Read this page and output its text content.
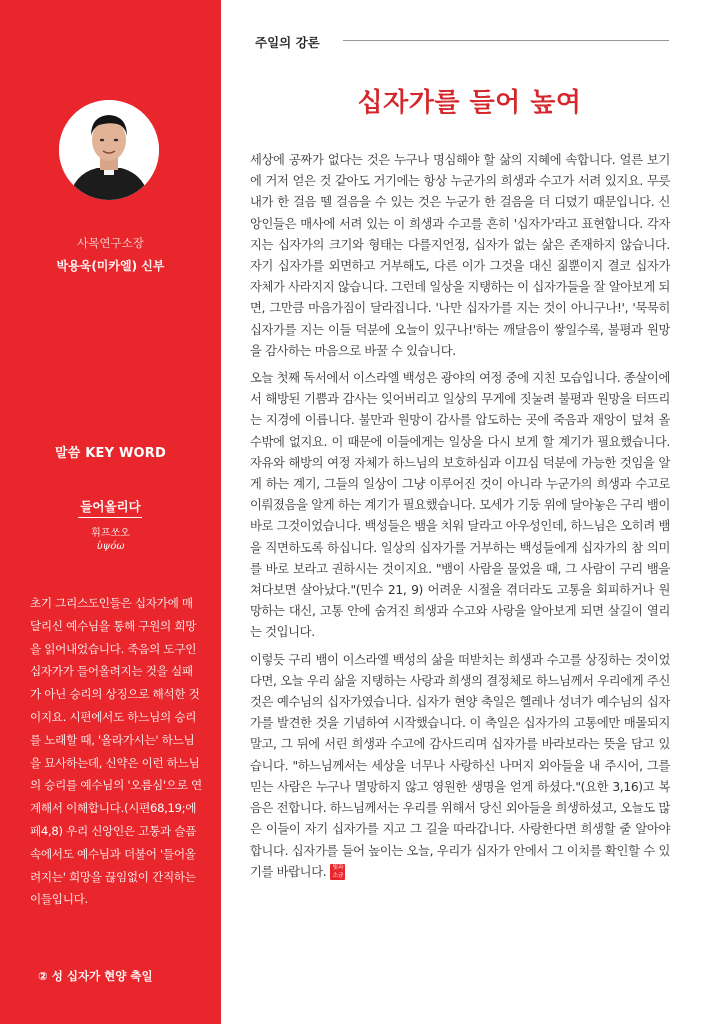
사목연구소장
박용욱(미카엘) 신부
말씀 KEY WORD
들어올리다
휘프쏘오
ὑψόω
초기 그리스도인들은 십자가에 매달리신 예수님을 통해 구원의 희망을 읽어내었습니다. 죽음의 도구인 십자가가 들어올려지는 것을 실패가 아닌 승리의 상징으로 해석한 것이지요. 시편에서도 하느님의 승리를 노래할 때, '올라가시는' 하느님을 묘사하는데, 신약은 이런 하느님의 승리를 예수님의 '오름심'으로 연계해서 이해합니다.(시편68,19;에페4,8) 우리 신앙인은 고통과 슬픔 속에서도 예수님과 더불어 '들어올려지는' 희망을 끊임없이 간직하는 이들입니다.
② 성 십자가 현양 축일
주일의 강론
십자가를 들어 높여

세상에 공짜가 없다는 것은 누구나 명심해야 할 삶의 지혜에 속합니다. 얼른 보기에 거저 얻은 것 같아도 거기에는 항상 누군가의 희생과 수고가 서려 있지요. 무릇 내가 한 걸음 뗄 걸음을 수 있는 것은 누군가 한 걸음을 더 디뎠기 때문입니다. 신앙인들은 매사에 서려 있는 이 희생과 수고를 흔히 '십자가'라고 표현합니다. 각자 지는 십자가의 크기와 형태는 다를지언정, 십자가 없는 삶은 존재하지 않습니다. 자기 십자가를 외면하고 거부해도, 다른 이가 그것을 대신 짊뿐이지 결코 십자가 자체가 사라지지 않습니다. 그런데 일상을 지탱하는 이 십자가들을 잘 알아보게 되면, 그만큼 마음가짐이 달라집니다. '나만 십자가를 지는 것이 아니구나!', '묵묵히 십자가를 지는 이들 덕분에 오늘이 있구나!'하는 깨달음이 쌓일수록, 불평과 원망을 감사하는 마음으로 바꿀 수 있습니다.

오늘 첫째 독서에서 이스라엘 백성은 광야의 여정 중에 지친 모습입니다. 종살이에서 해방된 기쁨과 감사는 잊어버리고 일상의 무게에 짓눌려 불평과 원망을 터뜨리는 지경에 이릅니다. 불만과 원망이 감사를 압도하는 곳에 죽음과 재앙이 덮쳐 올 수밖에 없지요. 이 때문에 이들에게는 일상을 다시 보게 할 계기가 필요했습니다. 자유와 해방의 여정 자체가 하느님의 보호하심과 이끄심 덕분에 가능한 것임을 알게 하는 계기, 그들의 일상이 그냥 이루어진 것이 아니라 누군가의 희생과 수고로 이뤄졌음을 알게 하는 계기가 필요했습니다. 모세가 기둥 위에 달아놓은 구리 뱀이 바로 그것이었습니다. 백성들은 뱀을 치워 달라고 아우성인데, 하느님은 오히려 뱀을 직면하도록 하십니다. 일상의 십자가를 거부하는 백성들에게 십자가의 참 의미를 바로 보라고 권하시는 것이지요. "뱀이 사람을 물었을 때, 그 사람이 구리 뱀을 쳐다보면 살아났다."(민수 21, 9) 어려운 시절을 겪더라도 고통을 회피하거나 원망하는 대신, 고통 안에 숨겨진 희생과 수고와 사랑을 알아보게 되면 살길이 열리는 것입니다.

이렇듯 구리 뱀이 이스라엘 백성의 삶을 떠받치는 희생과 수고를 상징하는 것이었다면, 오늘 우리 삶을 지탱하는 사랑과 희생의 결정체로 하느님께서 우리에게 주신 것은 예수님의 십자가였습니다. 십자가 현양 축일은 헬레나 성녀가 예수님의 십자가를 발견한 것을 기념하여 시작했습니다. 이 축일은 십자가의 고통에만 매몰되지 말고, 그 뒤에 서린 희생과 수고에 감사드리며 십자가를 바라보라는 뜻을 담고 있습니다. "하느님께서는 세상을 너무나 사랑하신 나머지 외아들을 내 주시어, 그를 믿는 사람은 누구나 멸망하지 않고 영원한 생명을 얻게 하셨다."(요한 3,16)고 복음은 전합니다. 하느님께서는 우리를 위해서 당신 외아들을 희생하셨고, 오늘도 많은 이들이 자기 십자가를 지고 그 길을 따라갑니다. 사랑한다면 희생할 줄 알아야 합니다. 십자가를 들어 높이는 오늘, 우리가 십자가 안에서 그 이치를 확인할 수 있기를 바랍니다. 빛과 소금
